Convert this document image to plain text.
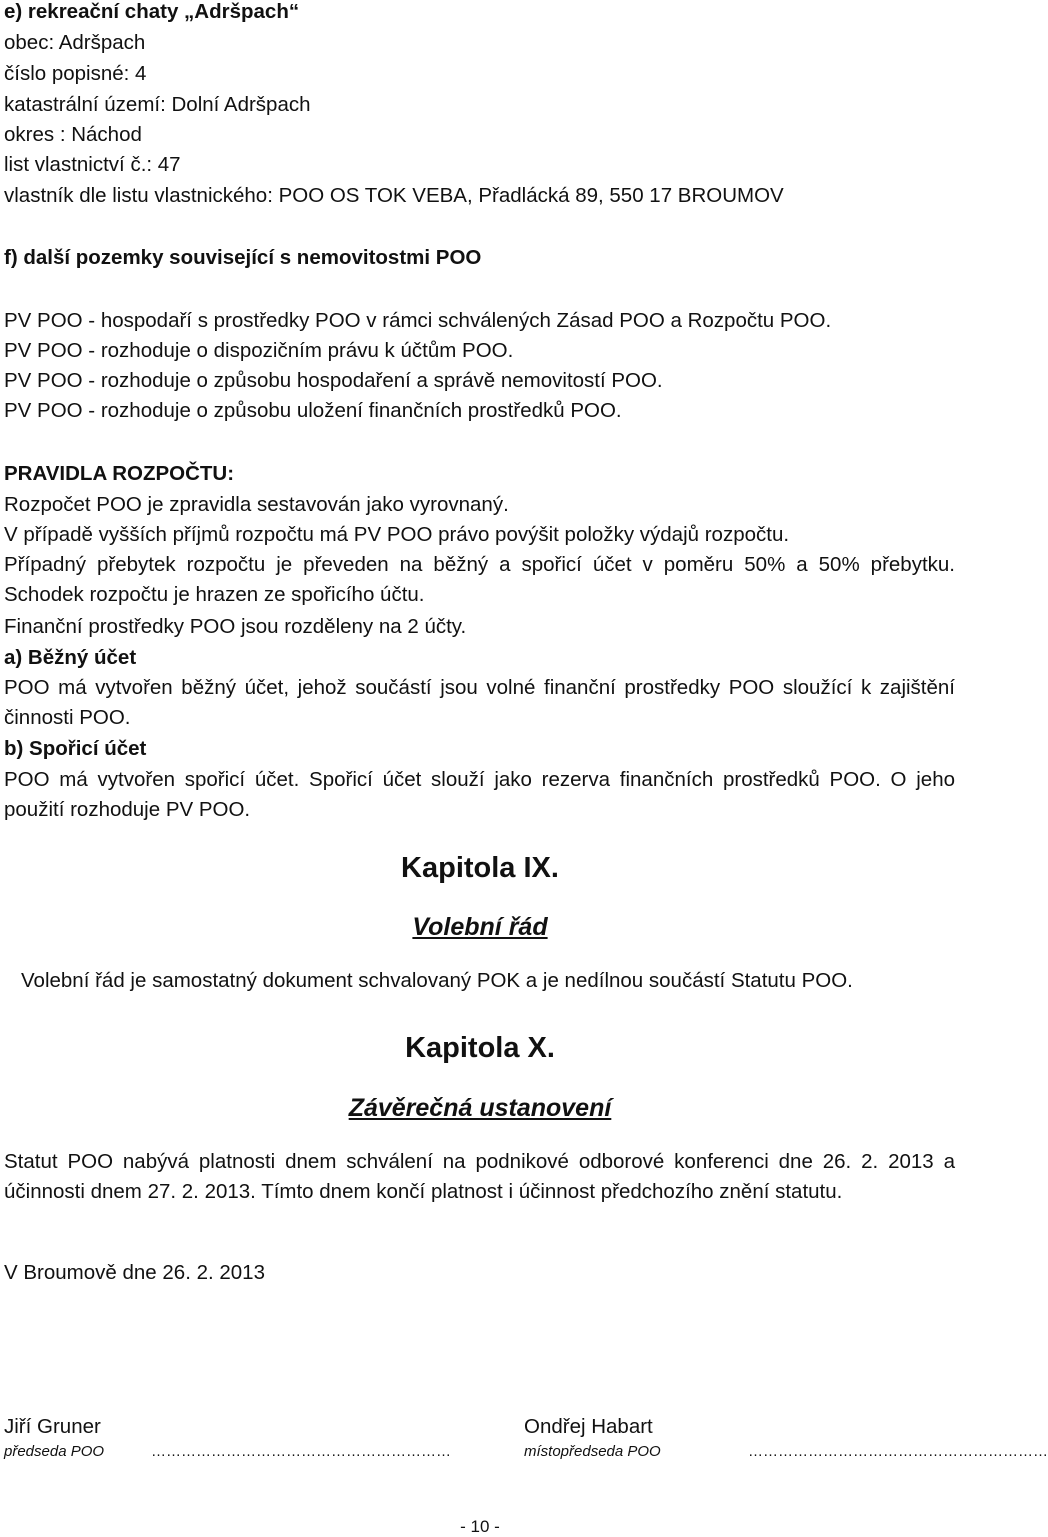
e) rekreační chaty „Adršpach“
obec: Adršpach
číslo popisné: 4
katastrální území: Dolní Adršpach
okres : Náchod
list vlastnictví č.: 47
vlastník dle listu vlastnického: POO OS TOK VEBA, Přadlácká 89, 550 17 BROUMOV
f) další pozemky související s nemovitostmi POO
PV POO - hospodaří s prostředky POO v rámci schválených Zásad POO a Rozpočtu POO.
PV POO - rozhoduje o dispozičním právu k účtům POO.
PV POO - rozhoduje o způsobu hospodaření a správě nemovitostí POO.
PV POO - rozhoduje o způsobu uložení finančních prostředků POO.
PRAVIDLA ROZPOČTU:
Rozpočet POO je zpravidla sestavován jako vyrovnaný.
V případě vyšších příjmů rozpočtu má PV POO právo povýšit položky výdajů rozpočtu.
Případný přebytek rozpočtu je převeden na běžný a spořicí účet v poměru 50% a 50% přebytku. Schodek rozpočtu je hrazen ze spořicího účtu.
Finanční prostředky POO jsou rozděleny na 2 účty.
a) Běžný účet
POO má vytvořen běžný účet, jehož součástí jsou volné finanční prostředky POO sloužící k zajištění činnosti POO.
b) Spořicí účet
POO má vytvořen spořicí účet. Spořicí účet slouží jako rezerva finančních prostředků POO. O jeho použití rozhoduje PV POO.
Kapitola IX.
Volební řád
Volební řád je samostatný dokument schvalovaný POK a je nedílnou součástí Statutu POO.
Kapitola X.
Závěrečná ustanovení
Statut POO nabývá platnosti dnem schválení na podnikové odborové konferenci dne 26. 2. 2013 a účinnosti dnem 27. 2. 2013. Tímto dnem končí platnost i účinnost předchozího znění statutu.
V Broumově dne 26. 2. 2013
Jiří Gruner
předseda POO	……………………………………………………
Ondřej Habart
místopředseda POO	……………………………………………………
- 10 -
